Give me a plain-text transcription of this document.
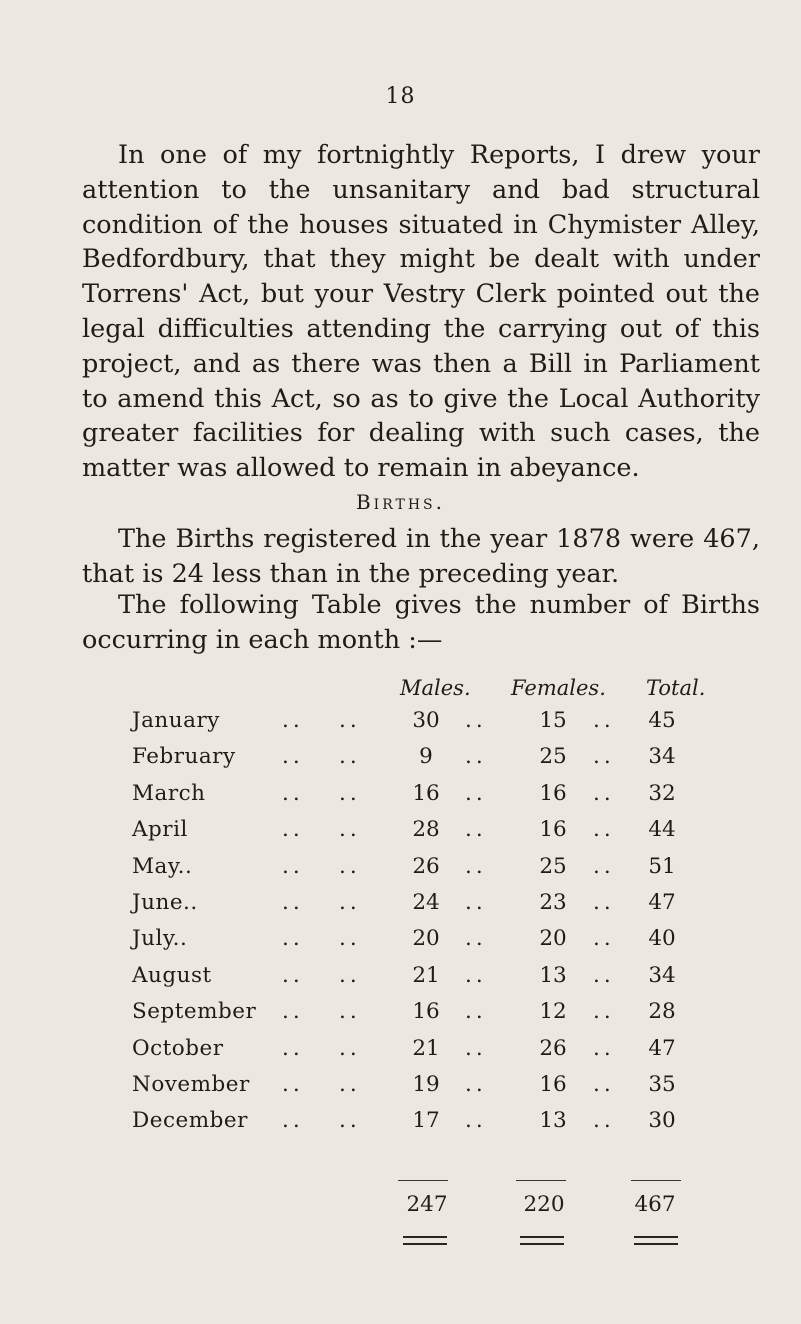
18

In one of my fortnightly Reports, I drew your attention to the unsanitary and bad structural condition of the houses situated in Chymister Alley, Bedfordbury, that they might be dealt with under Torrens' Act, but your Vestry Clerk pointed out the legal difficulties attending the carrying out of this project, and as there was then a Bill in Parliament to amend this Act, so as to give the Local Authority greater facilities for dealing with such cases, the matter was allowed to remain in abeyance.

Births.

The Births registered in the year 1878 were 467, that is 24 less than in the preceding year.

The following Table gives the number of Births occurring in each month :—

Males. Females. Total.
January	.. ..	30	..	15	..	45
February .. ..	9	..	25	..	34
March	.. ..	16	..	16	..	32
April	.. ..	28	..	16	..	44
May..	.. ..	26	..	25	..	51
June..	.. ..	24	..	23	..	47
July..	.. ..	20	..	20	..	40
August	.. ..	21	..	13	..	34
September .. ..	16	..	12	..	28
October	.. ..	21	..	26	..	47
November .. ..	19	..	16	..	35
December .. ..	17	..	13	..	30
247	220	467
